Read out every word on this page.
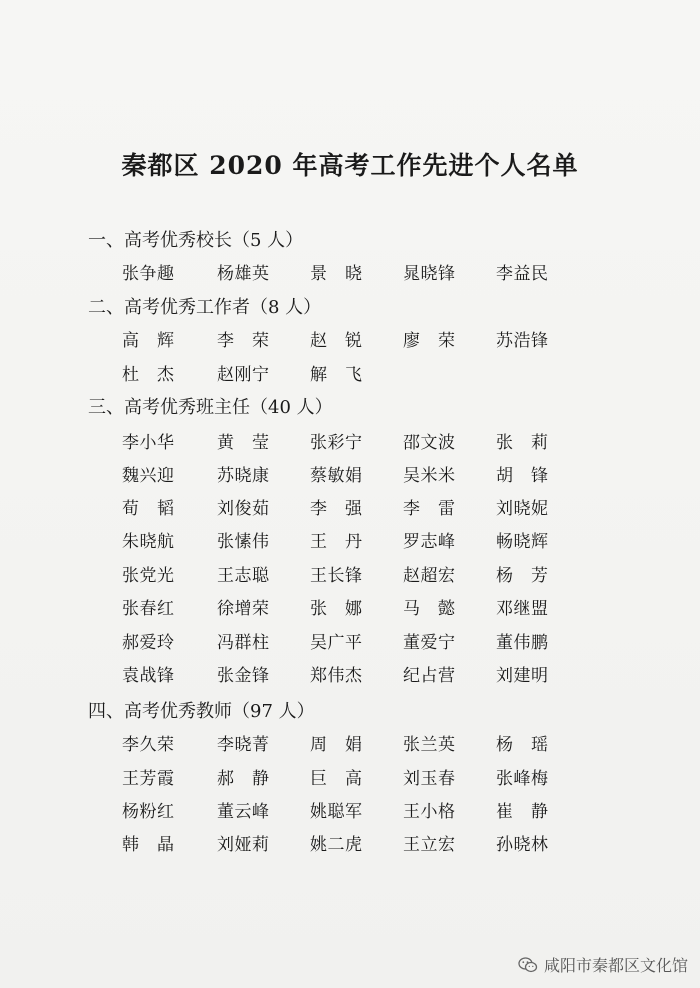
秦都区 2020 年高考工作先进个人名单
一、高考优秀校长（5 人）
张争趣	杨雄英 景　晓 晁晓锋 李益民
二、高考优秀工作者（8 人）
高　辉	李　荣 赵　锐 廖　荣 苏浩锋
杜　杰	赵刚宁 解　飞
三、高考优秀班主任（40 人）
李小华	黄　莹 张彩宁 邵文波 张　莉
魏兴迎	苏晓康 蔡敏娟 吴米米 胡　锋
荀　韬	刘俊茹 李　强 李　雷 刘晓妮
朱晓航	张愫伟 王　丹 罗志峰 畅晓辉
张党光	王志聪 王长锋 赵超宏 杨　芳
张春红	徐增荣 张　娜 马　懿 邓继盟
郝爱玲	冯群柱 吴广平 董爱宁 董伟鹏
袁战锋	张金锋 郑伟杰 纪占营 刘建明
四、高考优秀教师（97 人）
李久荣	李晓菁 周　娟 张兰英 杨　瑶
王芳霞	郝　静 巨　高 刘玉春 张峰梅
杨粉红	董云峰 姚聪军 王小格 崔　静
韩　晶	刘娅莉 姚二虎 王立宏 孙晓林
咸阳市秦都区文化馆
